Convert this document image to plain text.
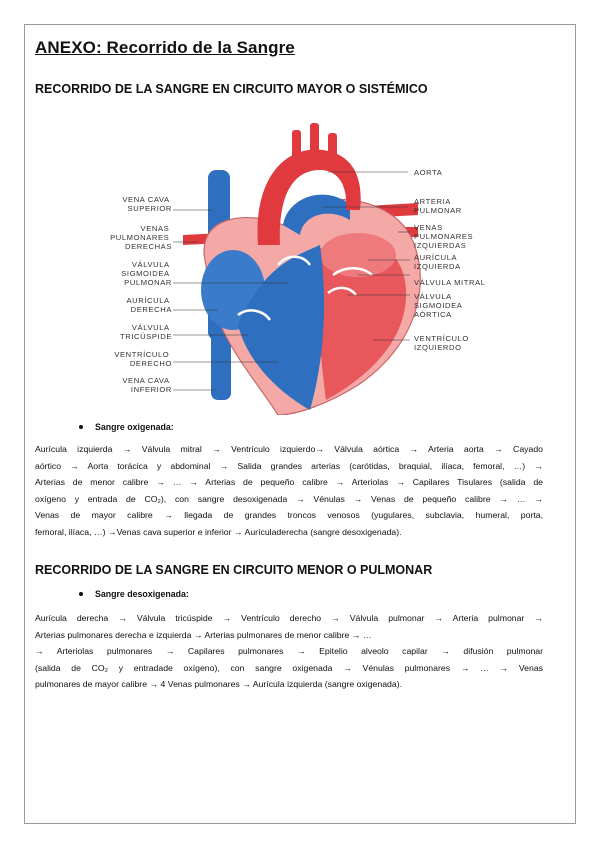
ANEXO: Recorrido de la Sangre
RECORRIDO DE LA SANGRE EN CIRCUITO MAYOR O SISTÉMICO
VENA CAVA SUPERIOR
VENAS PULMONARES DERECHAS
VÁLVULA SIGMOIDEA PULMONAR
AURÍCULA DERECHA
VÁLVULA TRICÚSPIDE
VENTRÍCULO DERECHO
VENA CAVA INFERIOR
AORTA
ARTERIA PULMONAR
VENAS PULMONARES IZQUIERDAS
AURÍCULA IZQUIERDA
VÁLVULA MITRAL
VÁLVULA SIGMOIDEA AÓRTICA
VENTRÍCULO IZQUIERDO
Sangre oxigenada:

Aurícula izquierda → Válvula mitral → Ventrículo izquierdo→ Válvula aórtica → Arteria aorta → Cayado
aórtico → Aorta torácica y abdominal → Salida grandes arterias (carótidas, braquial, ilíaca, femoral, …) →
Arterias de menor calibre → … → Arterias de pequeño calibre → Arteriolas → Capilares Tisulares (salida de
oxígeno y entrada de CO₂), con sangre desoxigenada → Vénulas → Venas de pequeño calibre → … →
Venas de mayor calibre → llegada de grandes troncos venosos (yugulares, subclavia, humeral, porta,
femoral, ilíaca, …) →Venas cava superior e inferior → Aurículaderecha (sangre desoxigenada).

RECORRIDO DE LA SANGRE EN CIRCUITO MENOR O PULMONAR
Sangre desoxigenada:

Aurícula derecha → Válvula tricúspide → Ventrículo derecho → Válvula pulmonar → Arteria pulmonar →
Arterias pulmonares derecha e izquierda → Arterias pulmonares de menor calibre → …
→ Arteriolas pulmonares → Capilares pulmonares → Epitelio alveolo capilar → difusión pulmonar
(salida de CO₂ y entradade oxígeno), con sangre oxigenada → Vénulas pulmonares → … → Venas
pulmonares de mayor calibre → 4 Venas pulmonares → Aurícula izquierda (sangre oxigenada).
